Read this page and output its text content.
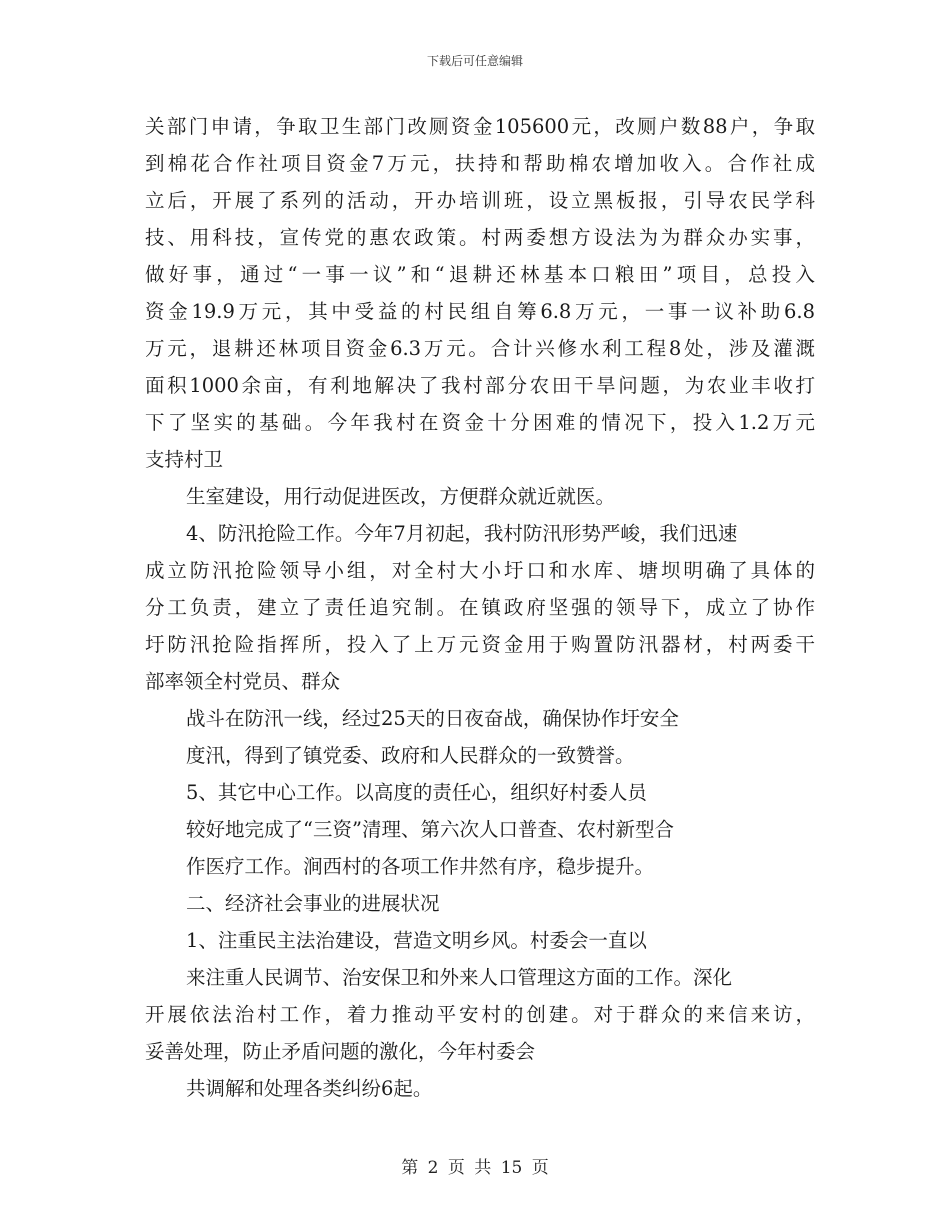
下载后可任意编辑
关部门申请，争取卫生部门改厕资金105600元，改厕户数88户，争取
到棉花合作社项目资金7万元，扶持和帮助棉农增加收入。合作社成
立后，开展了系列的活动，开办培训班，设立黑板报，引导农民学科
技、用科技，宣传党的惠农政策。村两委想方设法为为群众办实事，
做好事，通过“一事一议”和“退耕还林基本口粮田”项目，总投入
资金19.9万元，其中受益的村民组自筹6.8万元，一事一议补助6.8
万元，退耕还林项目资金6.3万元。合计兴修水利工程8处，涉及灌溉
面积1000余亩，有利地解决了我村部分农田干旱问题，为农业丰收打
下了坚实的基础。今年我村在资金十分困难的情况下，投入1.2万元
支持村卫
生室建设，用行动促进医改，方便群众就近就医。
4、防汛抢险工作。今年7月初起，我村防汛形势严峻，我们迅速
成立防汛抢险领导小组，对全村大小圩口和水库、塘坝明确了具体的
分工负责，建立了责任追究制。在镇政府坚强的领导下，成立了协作
圩防汛抢险指挥所，投入了上万元资金用于购置防汛器材，村两委干
部率领全村党员、群众
战斗在防汛一线，经过25天的日夜奋战，确保协作圩安全
度汛，得到了镇党委、政府和人民群众的一致赞誉。
5、其它中心工作。以高度的责任心，组织好村委人员
较好地完成了“三资”清理、第六次人口普查、农村新型合
作医疗工作。涧西村的各项工作井然有序，稳步提升。
二、经济社会事业的进展状况
1、注重民主法治建设，营造文明乡风。村委会一直以
来注重人民调节、治安保卫和外来人口管理这方面的工作。深化
开展依法治村工作，着力推动平安村的创建。对于群众的来信来访，
妥善处理，防止矛盾问题的激化，今年村委会
共调解和处理各类纠纷6起。
第 2 页 共 15 页
